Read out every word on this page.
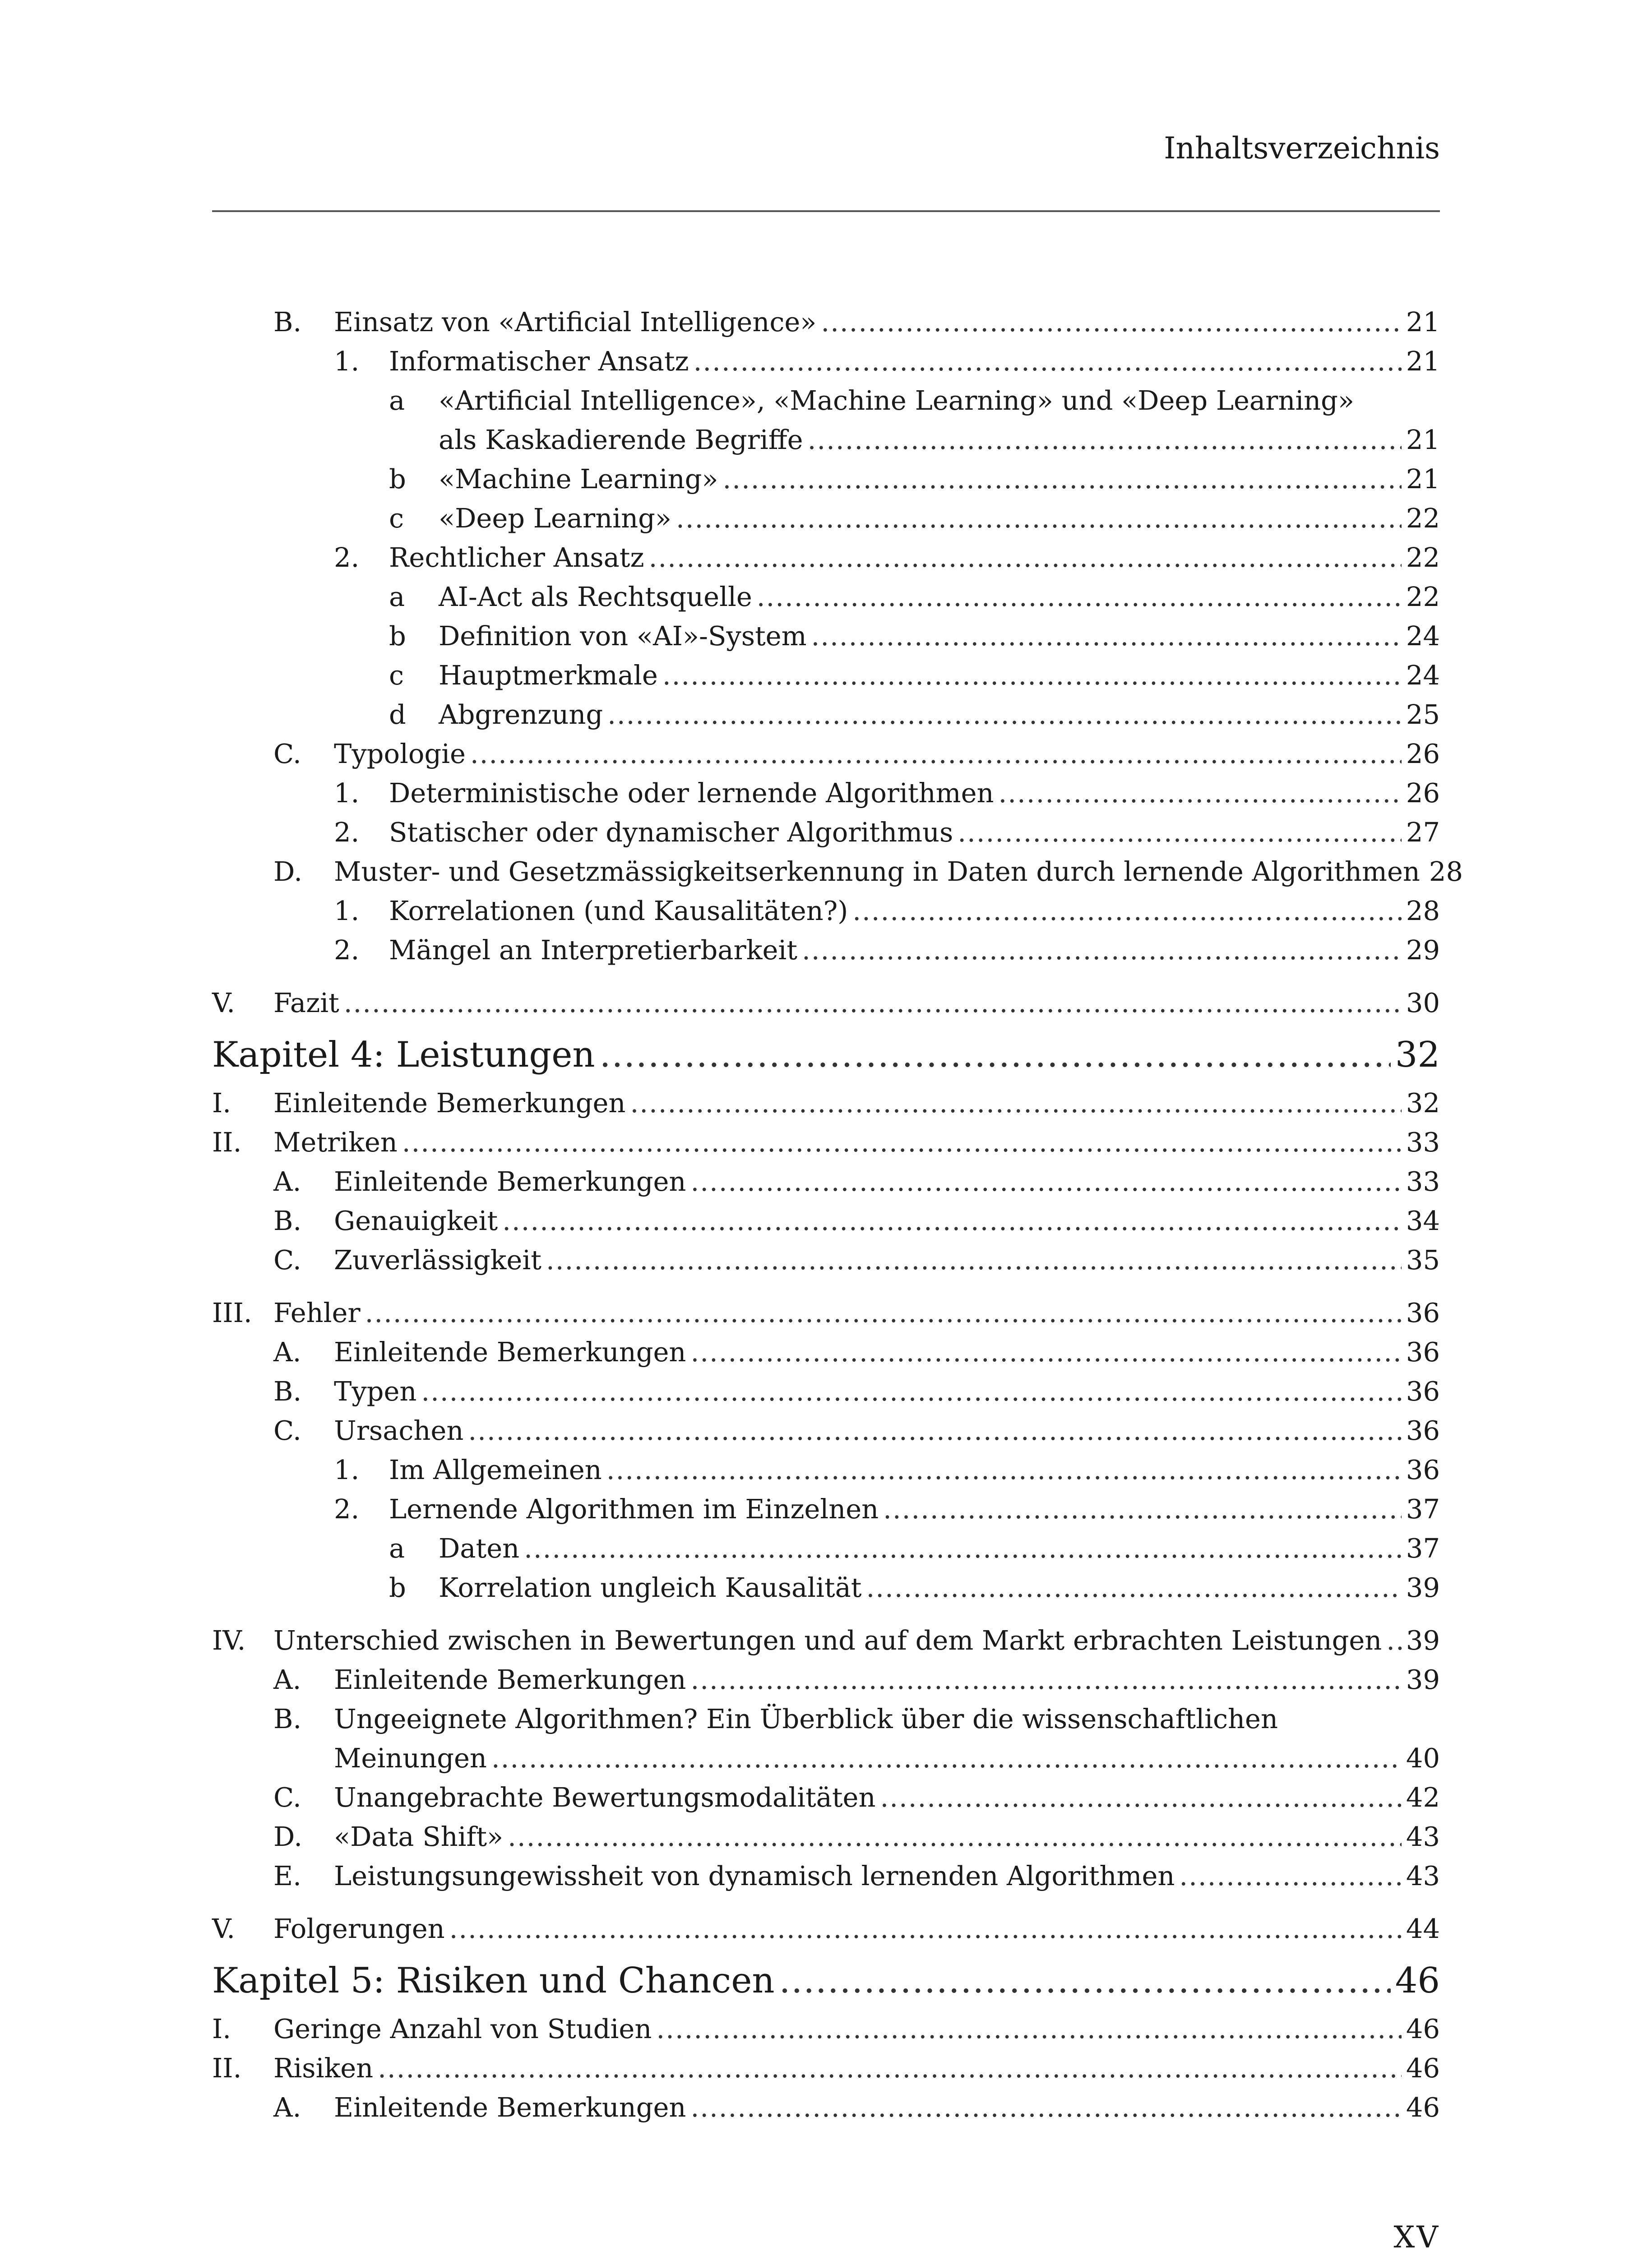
Inhaltsverzeichnis
B.	Einsatz von «Artificial Intelligence» .....	21
1.	Informatischer Ansatz .....	21
a	«Artificial Intelligence», «Machine Learning» und «Deep Learning»
als Kaskadierende Begriffe .....	21
b	«Machine Learning» .....	21
c	«Deep Learning» .....	22
2.	Rechtlicher Ansatz .....	22
a	AI-Act als Rechtsquelle .....	22
b	Definition von «AI»-System .....	24
c	Hauptmerkmale .....	24
d	Abgrenzung .....	25
C.	Typologie .....	26
1.	Deterministische oder lernende Algorithmen .....	26
2.	Statischer oder dynamischer Algorithmus .....	27
D.	Muster- und Gesetzmässigkeitserkennung in Daten durch lernende Algorithmen 28
1.	Korrelationen (und Kausalitäten?) .....	28
2.	Mängel an Interpretierbarkeit .....	29
V.	Fazit .....	30
Kapitel 4: Leistungen .....	32
I.	Einleitende Bemerkungen .....	32
II.	Metriken .....	33
A.	Einleitende Bemerkungen .....	33
B.	Genauigkeit .....	34
C.	Zuverlässigkeit .....	35
III. Fehler .....	36
A.	Einleitende Bemerkungen .....	36
B.	Typen .....	36
C.	Ursachen .....	36
1.	Im Allgemeinen .....	36
2.	Lernende Algorithmen im Einzelnen .....	37
a	Daten .....	37
b	Korrelation ungleich Kausalität .....	39
IV.	Unterschied zwischen in Bewertungen und auf dem Markt erbrachten Leistungen ..... 39
A.	Einleitende Bemerkungen .....	39
B.	Ungeeignete Algorithmen? Ein Überblick über die wissenschaftlichen
Meinungen .....	40
C.	Unangebrachte Bewertungsmodalitäten .....	42
D.	«Data Shift» .....	43
E.	Leistungsungewissheit von dynamisch lernenden Algorithmen .....	43
V.	Folgerungen .....	44
Kapitel 5: Risiken und Chancen .....	46
I.	Geringe Anzahl von Studien .....	46
II.	Risiken .....	46
A.	Einleitende Bemerkungen .....	46
XV
